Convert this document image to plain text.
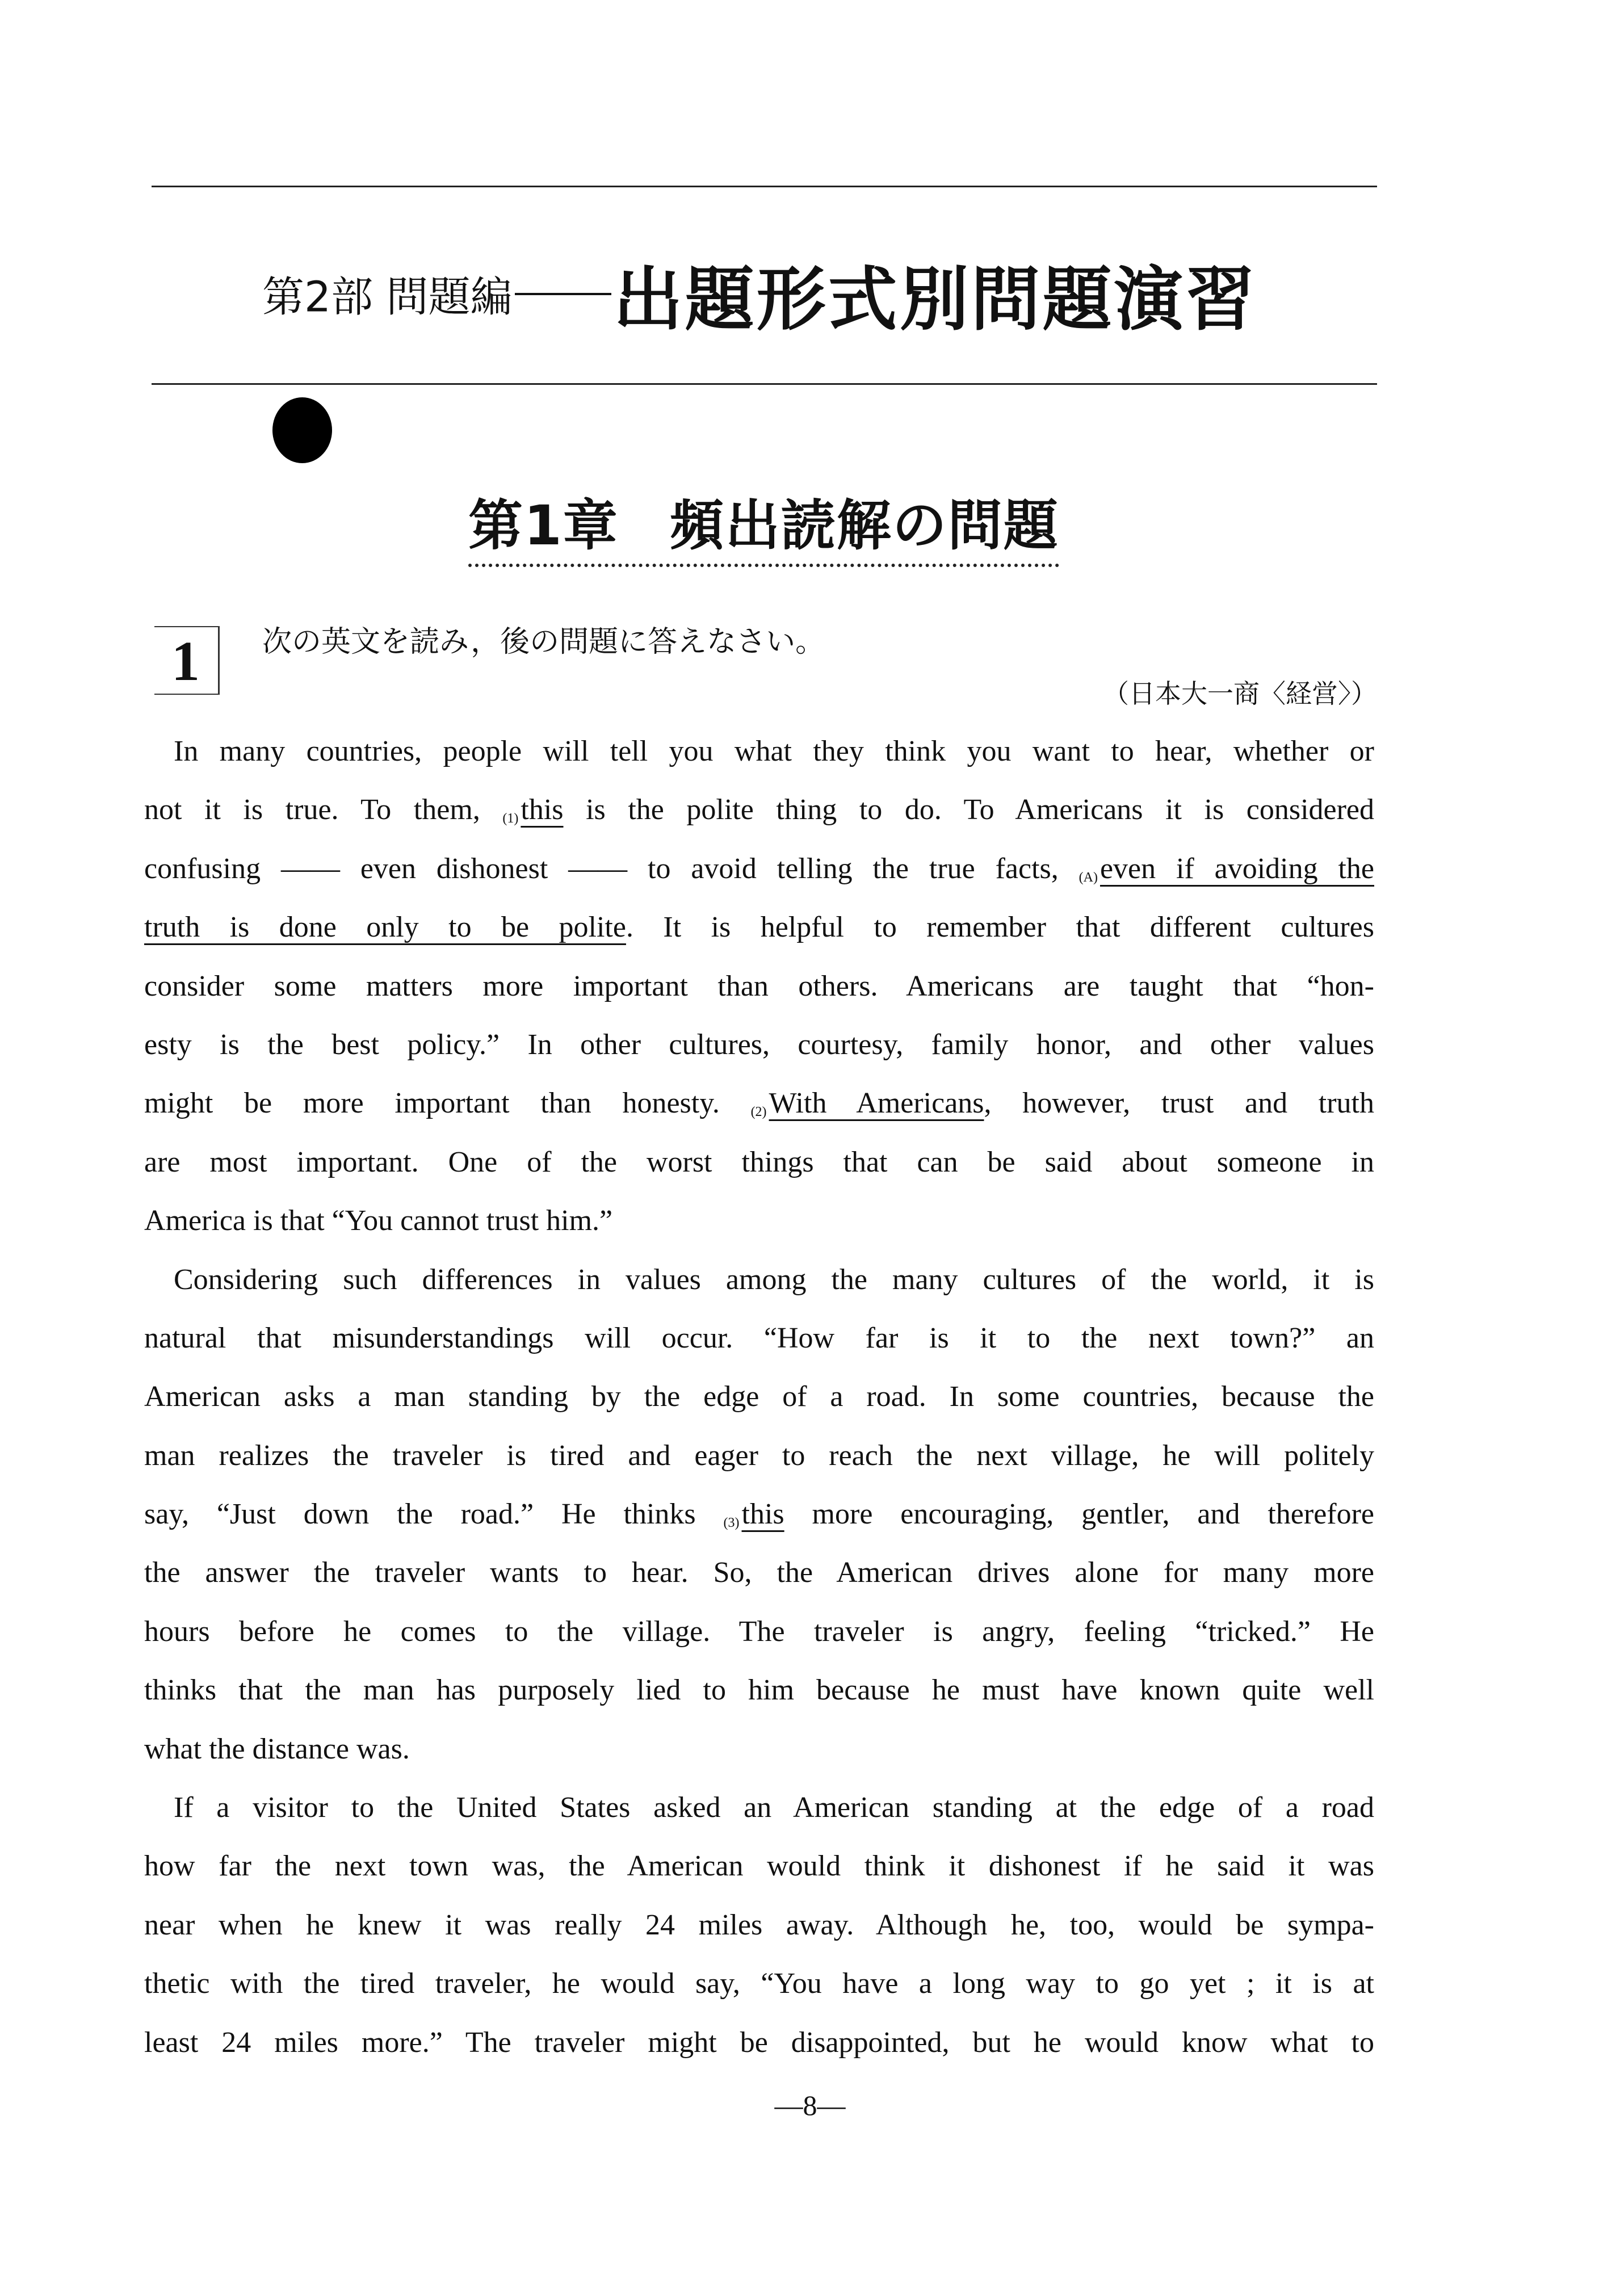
第2部 問題編 出題形式別問題演習
第1章 頻出読解の問題
1 次の英文を読み，後の問題に答えなさい。
（日本大一商〈経営〉）
In many countries, people will tell you what they think you want to hear, whether or
not it is true. To them, (1)this is the polite thing to do. To Americans it is considered
confusing —— even dishonest —— to avoid telling the true facts, (A)even if avoiding the
truth is done only to be polite. It is helpful to remember that different cultures
consider some matters more important than others. Americans are taught that “hon-
esty is the best policy.” In other cultures, courtesy, family honor, and other values
might be more important than honesty. (2)With Americans, however, trust and truth
are most important. One of the worst things that can be said about someone in
America is that “You cannot trust him.”
Considering such differences in values among the many cultures of the world, it is
natural that misunderstandings will occur. “How far is it to the next town?” an
American asks a man standing by the edge of a road. In some countries, because the
man realizes the traveler is tired and eager to reach the next village, he will politely
say, “Just down the road.” He thinks (3)this more encouraging, gentler, and therefore
the answer the traveler wants to hear. So, the American drives alone for many more
hours before he comes to the village. The traveler is angry, feeling “tricked.” He
thinks that the man has purposely lied to him because he must have known quite well
what the distance was.
If a visitor to the United States asked an American standing at the edge of a road
how far the next town was, the American would think it dishonest if he said it was
near when he knew it was really 24 miles away. Although he, too, would be sympa-
thetic with the tired traveler, he would say, “You have a long way to go yet ; it is at
least 24 miles more.” The traveler might be disappointed, but he would know what to
—8—
